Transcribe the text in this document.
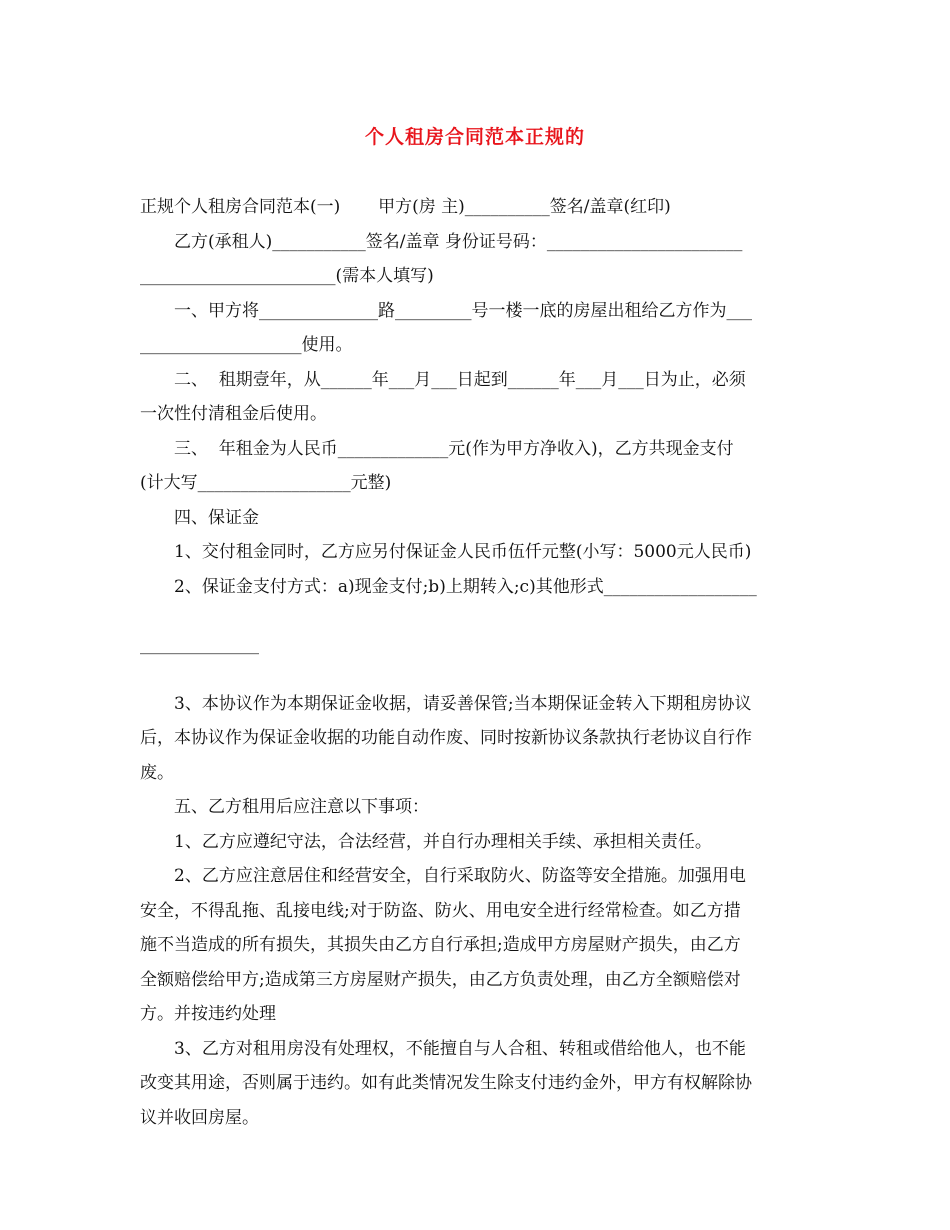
个人租房合同范本正规的

正规个人租房合同范本(一)       甲方(房 主)__________签名/盖章(红印)

乙方(承租人)___________签名/盖章 身份证号码：_______________________

_______________________(需本人填写)

一、甲方将______________路_________号一楼一底的房屋出租给乙方作为___

___________________使用。

二、  租期壹年，从______年___月___日起到______年___月___日为止，必须

一次性付清租金后使用。

三、  年租金为人民币_____________元(作为甲方净收入)，乙方共现金支付

(计大写__________________元整)

四、保证金

1、交付租金同时，乙方应另付保证金人民币伍仟元整(小写：5000元人民币)

2、保证金支付方式：a)现金支付;b)上期转入;c)其他形式__________________

______________

3、本协议作为本期保证金收据，请妥善保管;当本期保证金转入下期租房协议

后，本协议作为保证金收据的功能自动作废、同时按新协议条款执行老协议自行作

废。

五、乙方租用后应注意以下事项：

1、乙方应遵纪守法，合法经营，并自行办理相关手续、承担相关责任。

2、乙方应注意居住和经营安全，自行采取防火、防盗等安全措施。加强用电

安全，不得乱拖、乱接电线;对于防盗、防火、用电安全进行经常检查。如乙方措

施不当造成的所有损失，其损失由乙方自行承担;造成甲方房屋财产损失，由乙方

全额赔偿给甲方;造成第三方房屋财产损失，由乙方负责处理，由乙方全额赔偿对

方。并按违约处理

3、乙方对租用房没有处理权，不能擅自与人合租、转租或借给他人，也不能

改变其用途，否则属于违约。如有此类情况发生除支付违约金外，甲方有权解除协

议并收回房屋。
